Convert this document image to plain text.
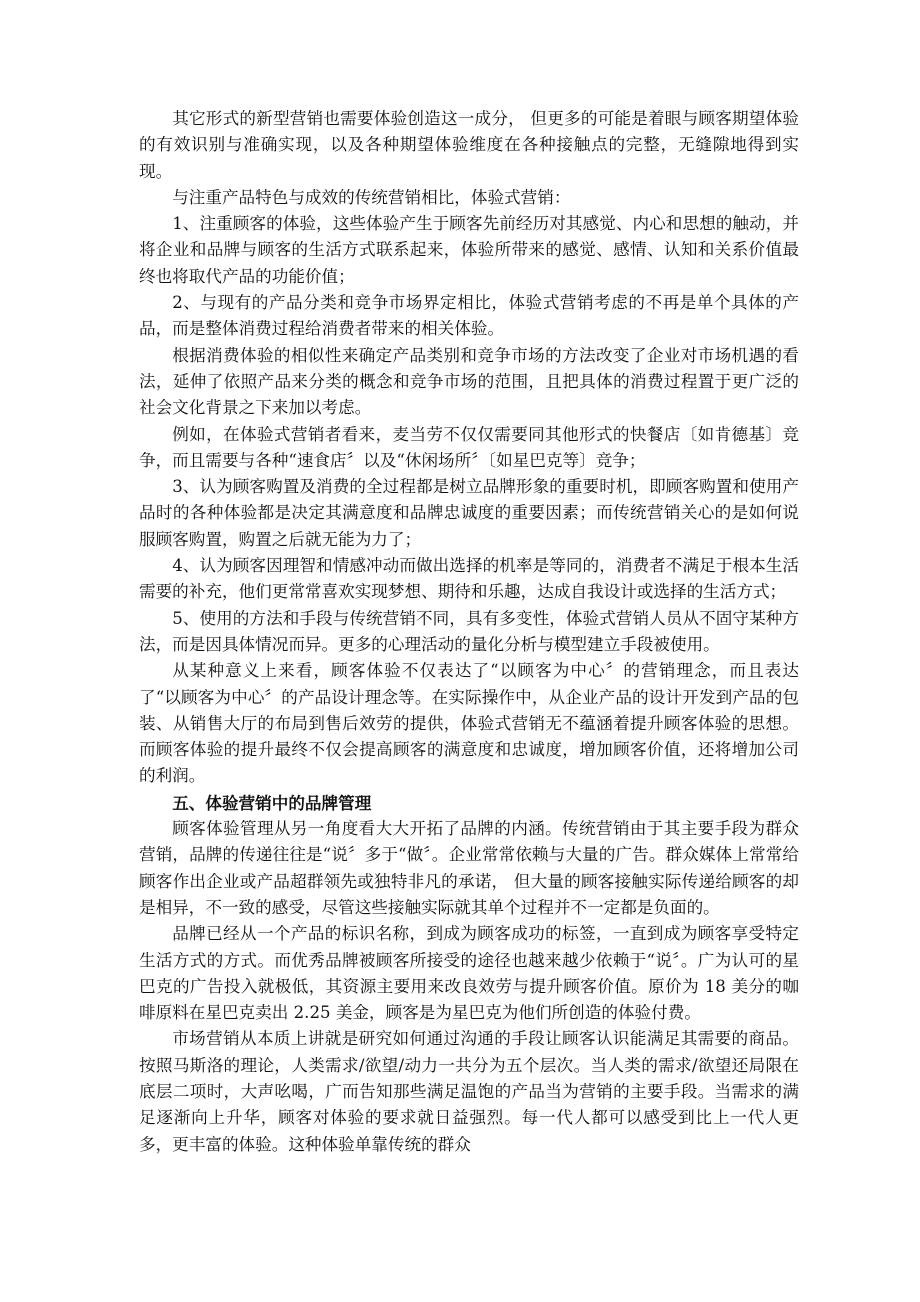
其它形式的新型营销也需要体验创造这一成分， 但更多的可能是着眼与顾客期望体验的有效识别与准确实现，以及各种期望体验维度在各种接触点的完整，无缝隙地得到实现。

与注重产品特色与成效的传统营销相比，体验式营销：

1、注重顾客的体验，这些体验产生于顾客先前经历对其感觉、内心和思想的触动，并将企业和品牌与顾客的生活方式联系起来，体验所带来的感觉、感情、认知和关系价值最终也将取代产品的功能价值；

2、与现有的产品分类和竞争市场界定相比，体验式营销考虑的不再是单个具体的产品，而是整体消费过程给消费者带来的相关体验。

根据消费体验的相似性来确定产品类别和竞争市场的方法改变了企业对市场机遇的看法，延伸了依照产品来分类的概念和竞争市场的范围，且把具体的消费过程置于更广泛的社会文化背景之下来加以考虑。

例如，在体验式营销者看来，麦当劳不仅仅需要同其他形式的快餐店〔如肯德基〕竞争，而且需要与各种“速食店〞以及“休闲场所〞〔如星巴克等〕竞争；

3、认为顾客购置及消费的全过程都是树立品牌形象的重要时机，即顾客购置和使用产品时的各种体验都是决定其满意度和品牌忠诚度的重要因素；而传统营销关心的是如何说服顾客购置，购置之后就无能为力了；

4、认为顾客因理智和情感冲动而做出选择的机率是等同的，消费者不满足于根本生活需要的补充，他们更常常喜欢实现梦想、期待和乐趣，达成自我设计或选择的生活方式；

5、使用的方法和手段与传统营销不同，具有多变性，体验式营销人员从不固守某种方法，而是因具体情况而异。更多的心理活动的量化分析与模型建立手段被使用。

从某种意义上来看，顾客体验不仅表达了“以顾客为中心〞的营销理念，而且表达了“以顾客为中心〞的产品设计理念等。在实际操作中，从企业产品的设计开发到产品的包装、从销售大厅的布局到售后效劳的提供，体验式营销无不蕴涵着提升顾客体验的思想。而顾客体验的提升最终不仅会提高顾客的满意度和忠诚度，增加顾客价值，还将增加公司的利润。

五、体验营销中的品牌管理

顾客体验管理从另一角度看大大开拓了品牌的内涵。传统营销由于其主要手段为群众营销，品牌的传递往往是“说〞多于“做〞。企业常常依赖与大量的广告。群众媒体上常常给顾客作出企业或产品超群领先或独特非凡的承诺， 但大量的顾客接触实际传递给顾客的却是相异，不一致的感受，尽管这些接触实际就其单个过程并不一定都是负面的。

品牌已经从一个产品的标识名称，到成为顾客成功的标签，一直到成为顾客享受特定生活方式的方式。而优秀品牌被顾客所接受的途径也越来越少依赖于“说〞。广为认可的星巴克的广告投入就极低，其资源主要用来改良效劳与提升顾客价值。原价为 18 美分的咖啡原料在星巴克卖出 2.25 美金，顾客是为星巴克为他们所创造的体验付费。

市场营销从本质上讲就是研究如何通过沟通的手段让顾客认识能满足其需要的商品。按照马斯洛的理论，人类需求/欲望/动力一共分为五个层次。当人类的需求/欲望还局限在底层二项时，大声吆喝，广而告知那些满足温饱的产品当为营销的主要手段。当需求的满足逐渐向上升华，顾客对体验的要求就日益强烈。每一代人都可以感受到比上一代人更多，更丰富的体验。这种体验单靠传统的群众
